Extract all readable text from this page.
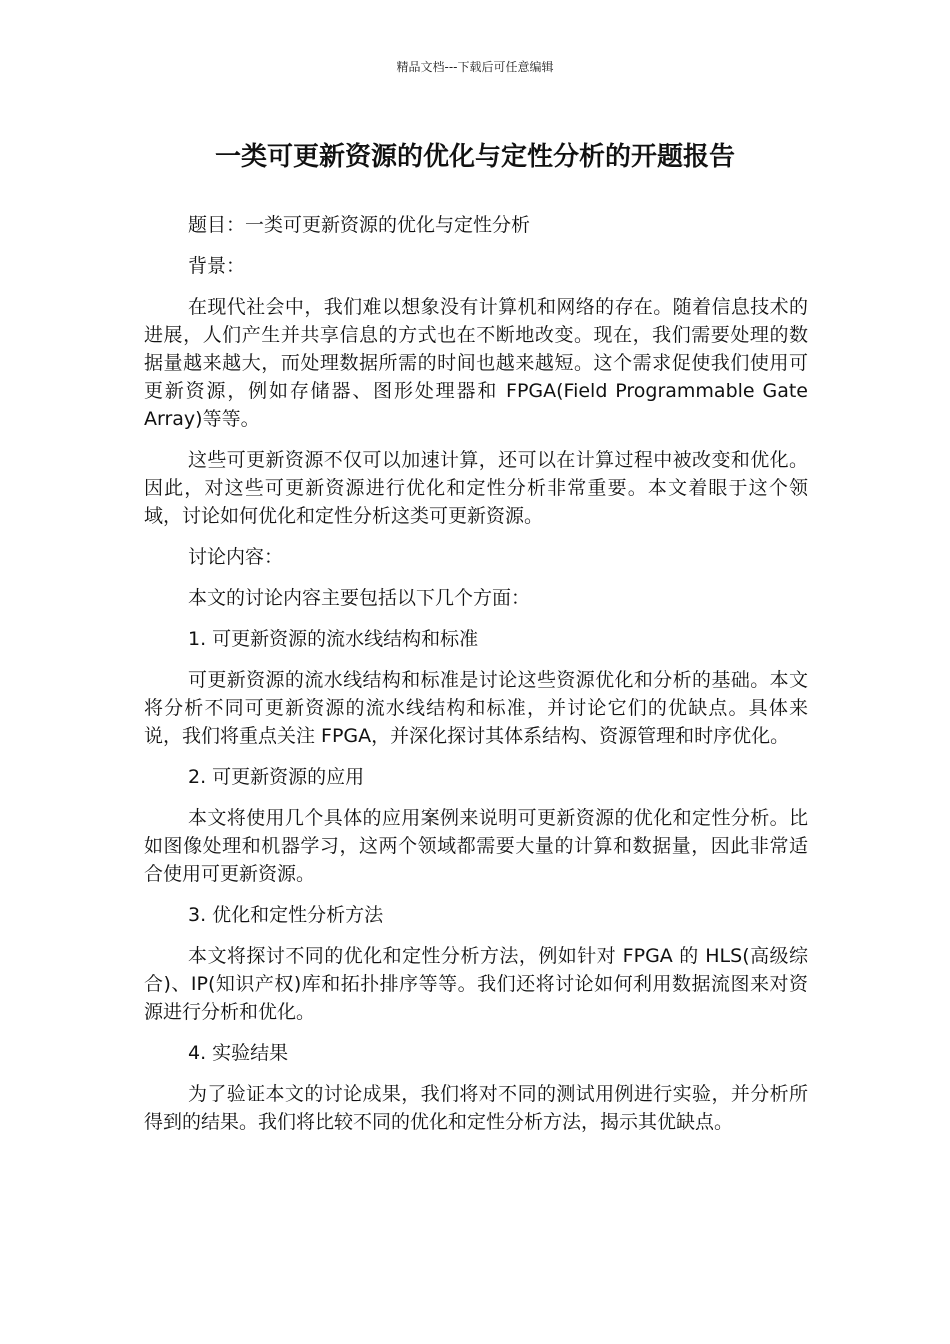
精品文档---下载后可任意编辑
一类可更新资源的优化与定性分析的开题报告

题目：一类可更新资源的优化与定性分析

背景：

在现代社会中，我们难以想象没有计算机和网络的存在。随着信息技术的进展，人们产生并共享信息的方式也在不断地改变。现在，我们需要处理的数据量越来越大，而处理数据所需的时间也越来越短。这个需求促使我们使用可更新资源，例如存储器、图形处理器和 FPGA(Field Programmable Gate Array)等等。

这些可更新资源不仅可以加速计算，还可以在计算过程中被改变和优化。因此，对这些可更新资源进行优化和定性分析非常重要。本文着眼于这个领域，讨论如何优化和定性分析这类可更新资源。

讨论内容：

本文的讨论内容主要包括以下几个方面：

1. 可更新资源的流水线结构和标准

可更新资源的流水线结构和标准是讨论这些资源优化和分析的基础。本文将分析不同可更新资源的流水线结构和标准，并讨论它们的优缺点。具体来说，我们将重点关注 FPGA，并深化探讨其体系结构、资源管理和时序优化。

2. 可更新资源的应用

本文将使用几个具体的应用案例来说明可更新资源的优化和定性分析。比如图像处理和机器学习，这两个领域都需要大量的计算和数据量，因此非常适合使用可更新资源。

3. 优化和定性分析方法

本文将探讨不同的优化和定性分析方法，例如针对 FPGA 的 HLS(高级综合)、IP(知识产权)库和拓扑排序等等。我们还将讨论如何利用数据流图来对资源进行分析和优化。

4. 实验结果

为了验证本文的讨论成果，我们将对不同的测试用例进行实验，并分析所得到的结果。我们将比较不同的优化和定性分析方法，揭示其优缺点。
